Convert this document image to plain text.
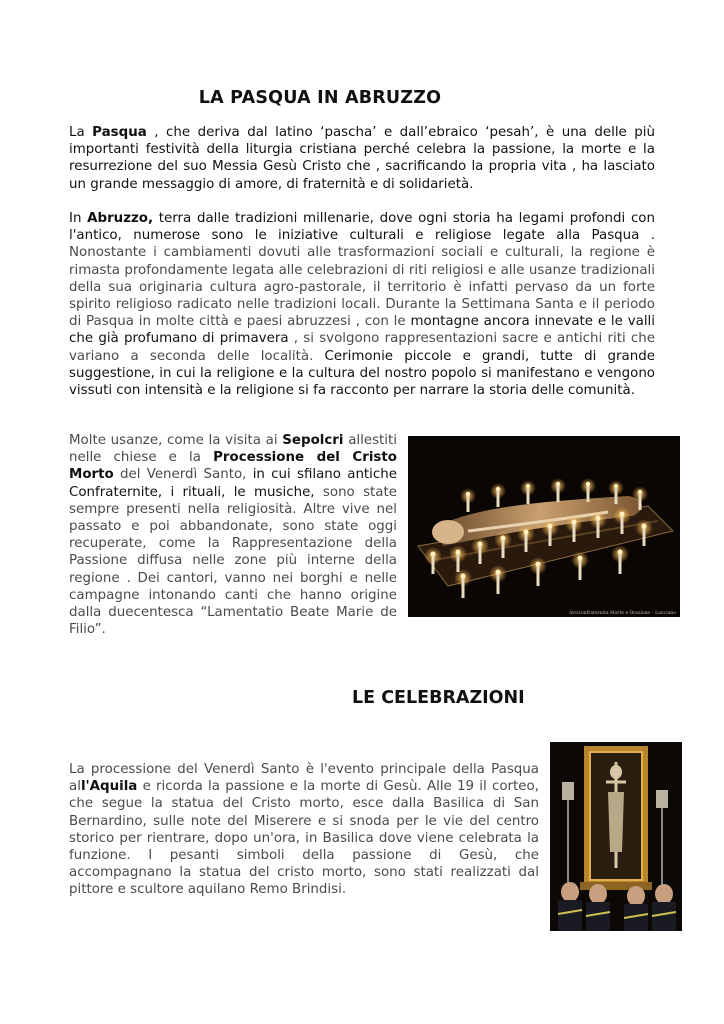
LA PASQUA IN ABRUZZO

La Pasqua , che deriva dal latino ‘pascha’ e dall’ebraico ‘pesah’, è una delle più importanti festività della liturgia cristiana perché celebra la passione, la morte e la resurrezione del suo Messia Gesù Cristo che , sacrificando la propria vita , ha lasciato un grande messaggio di amore, di fraternità e di solidarietà.

In Abruzzo, terra dalle tradizioni millenarie, dove ogni storia ha legami profondi con l'antico, numerose sono le iniziative culturali e religiose legate alla Pasqua . Nonostante i cambiamenti dovuti alle trasformazioni sociali e culturali, la regione è rimasta profondamente legata alle celebrazioni di riti religiosi e alle usanze tradizionali della sua originaria cultura agro-pastorale, il territorio è infatti pervaso da un forte spirito religioso radicato nelle tradizioni locali. Durante la Settimana Santa e il periodo di Pasqua in molte città e paesi abruzzesi , con le montagne ancora innevate e le valli che già profumano di primavera , si svolgono rappresentazioni sacre e antichi riti che variano a seconda delle località. Cerimonie piccole e grandi, tutte di grande suggestione, in cui la religione e la cultura del nostro popolo si manifestano e vengono vissuti con intensità e la religione si fa racconto per narrare la storia delle comunità.

Molte usanze, come la visita ai Sepolcri allestiti nelle chiese e la Processione del Cristo Morto del Venerdì Santo, in cui sfilano antiche Confraternite, i rituali, le musiche, sono state sempre presenti nella religiosità. Altre vive nel passato e poi abbandonate, sono state oggi recuperate, come la Rappresentazione della Passione diffusa nelle zone più interne della regione . Dei cantori, vanno nei borghi e nelle campagne intonando canti che hanno origine dalla duecentesca “Lamentatio Beate Marie de Filio”.

Arciconfraternita Morte e Orazione – Lanciano
LE CELEBRAZIONI

La processione del Venerdì Santo è l'evento principale della Pasqua all'Aquila e ricorda la passione e la morte di Gesù. Alle 19 il corteo, che segue la statua del Cristo morto, esce dalla Basilica di San Bernardino, sulle note del Miserere e si snoda per le vie del centro storico per rientrare, dopo un'ora, in Basilica dove viene celebrata la funzione. I pesanti simboli della passione di Gesù, che accompagnano la statua del cristo morto, sono stati realizzati dal pittore e scultore aquilano Remo Brindisi.
